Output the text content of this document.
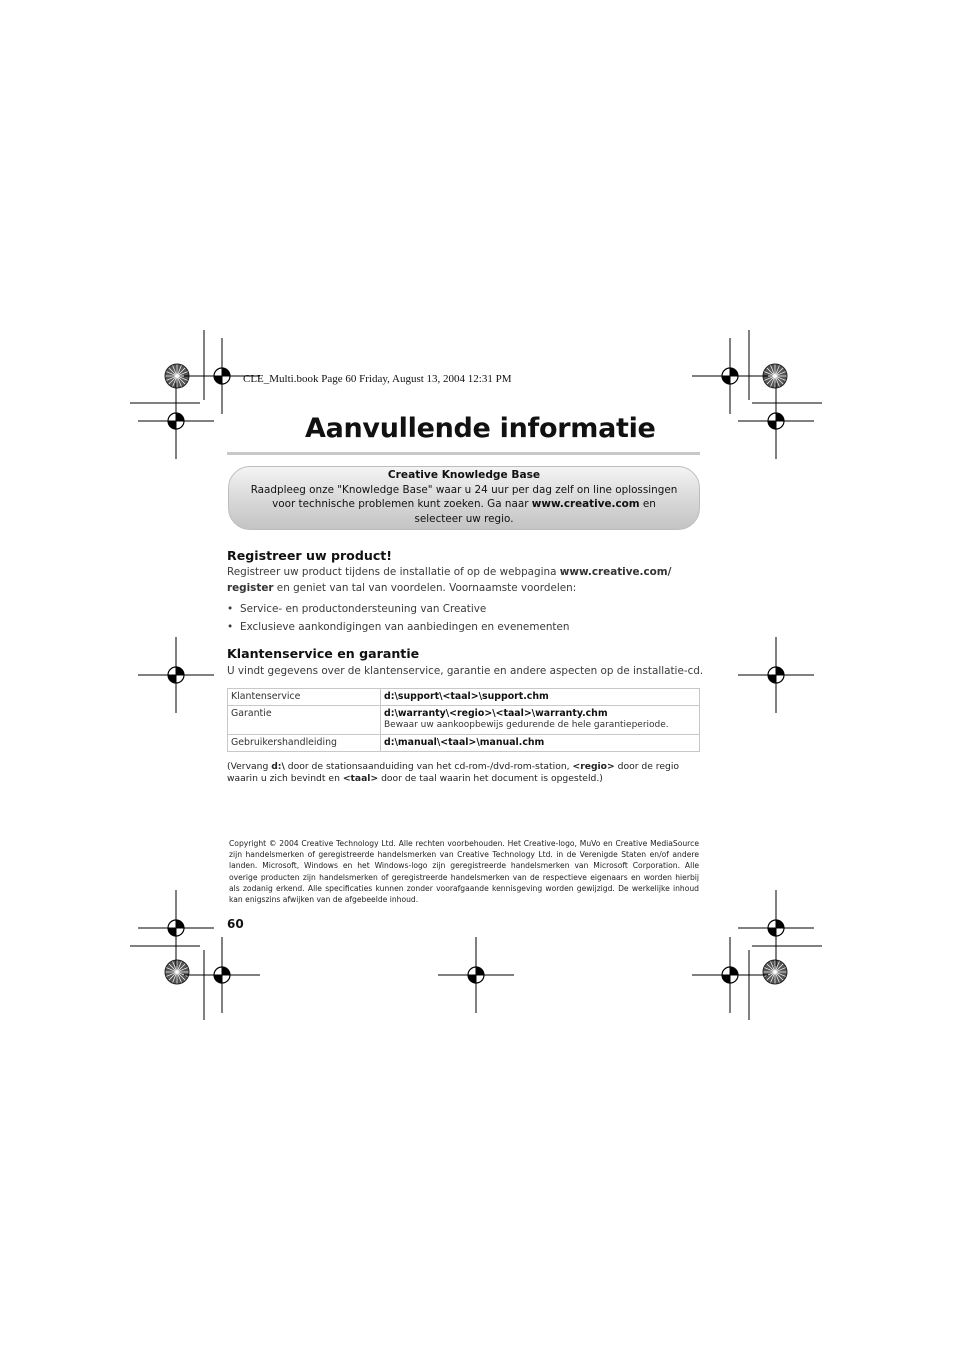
CLE_Multi.book Page 60 Friday, August 13, 2004 12:31 PM
Aanvullende informatie
Creative Knowledge Base
Raadpleeg onze "Knowledge Base" waar u 24 uur per dag zelf on line oplossingen
voor technische problemen kunt zoeken. Ga naar www.creative.com en
selecteer uw regio.
Registreer uw product!
Registreer uw product tijdens de installatie of op de webpagina www.creative.com/
register en geniet van tal van voordelen. Voornaamste voordelen:
• Service- en productondersteuning van Creative
• Exclusieve aankondigingen van aanbiedingen en evenementen
Klantenservice en garantie
U vindt gegevens over de klantenservice, garantie en andere aspecten op de installatie-cd.
Klantenservice	d:\support\<taal>\support.chm
Garantie	d:\warranty\<regio>\<taal>\warranty.chm
Bewaar uw aankoopbewijs gedurende de hele garantieperiode.
Gebruikershandleiding	d:\manual\<taal>\manual.chm
(Vervang d:\ door de stationsaanduiding van het cd-rom-/dvd-rom-station, <regio> door de regio
waarin u zich bevindt en <taal> door de taal waarin het document is opgesteld.)
Copyright © 2004 Creative Technology Ltd. Alle rechten voorbehouden. Het Creative-logo, MuVo en Creative MediaSource zijn handelsmerken of geregistreerde handelsmerken van Creative Technology Ltd. in de Verenigde Staten en/of andere landen. Microsoft, Windows en het Windows-logo zijn geregistreerde handelsmerken van Microsoft Corporation. Alle overige producten zijn handelsmerken of geregistreerde handelsmerken van de respectieve eigenaars en worden hierbij als zodanig erkend. Alle specificaties kunnen zonder voorafgaande kennisgeving worden gewijzigd. De werkelijke inhoud kan enigszins afwijken van de afgebeelde inhoud.
60
